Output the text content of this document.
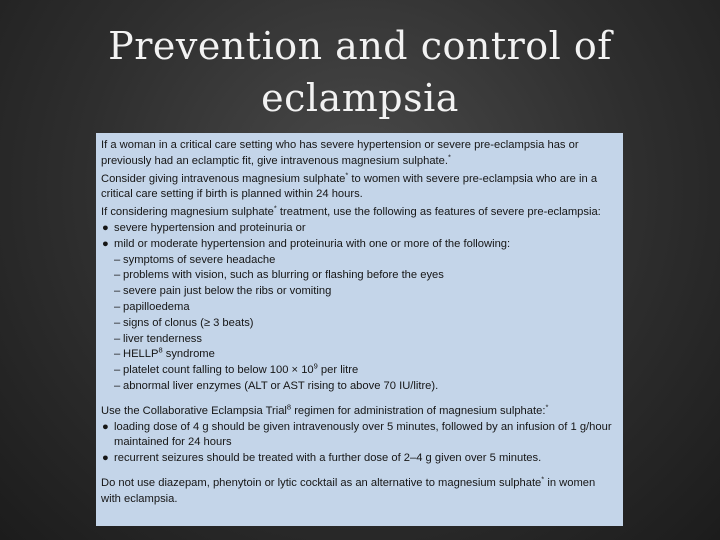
Prevention and control of
eclampsia

If a woman in a critical care setting who has severe hypertension or severe pre-eclampsia has or previously had an eclamptic fit, give intravenous magnesium sulphate.*

Consider giving intravenous magnesium sulphate* to women with severe pre-eclampsia who are in a critical care setting if birth is planned within 24 hours.

If considering magnesium sulphate* treatment, use the following as features of severe pre-eclampsia:

● severe hypertension and proteinuria or

● mild or moderate hypertension and proteinuria with one or more of the following:

– symptoms of severe headache

– problems with vision, such as blurring or flashing before the eyes

– severe pain just below the ribs or vomiting

– papilloedema

– signs of clonus (≥ 3 beats)

– liver tenderness

– HELLP$^8$ syndrome

– platelet count falling to below $100 \times 10^9$ per litre

– abnormal liver enzymes (ALT or AST rising to above 70 IU/litre).

Use the Collaborative Eclampsia Trial$^8$ regimen for administration of magnesium sulphate:*

● loading dose of 4 g should be given intravenously over 5 minutes, followed by an infusion of 1 g/hour maintained for 24 hours

● recurrent seizures should be treated with a further dose of 2–4 g given over 5 minutes.

Do not use diazepam, phenytoin or lytic cocktail as an alternative to magnesium sulphate* in women with eclampsia.
